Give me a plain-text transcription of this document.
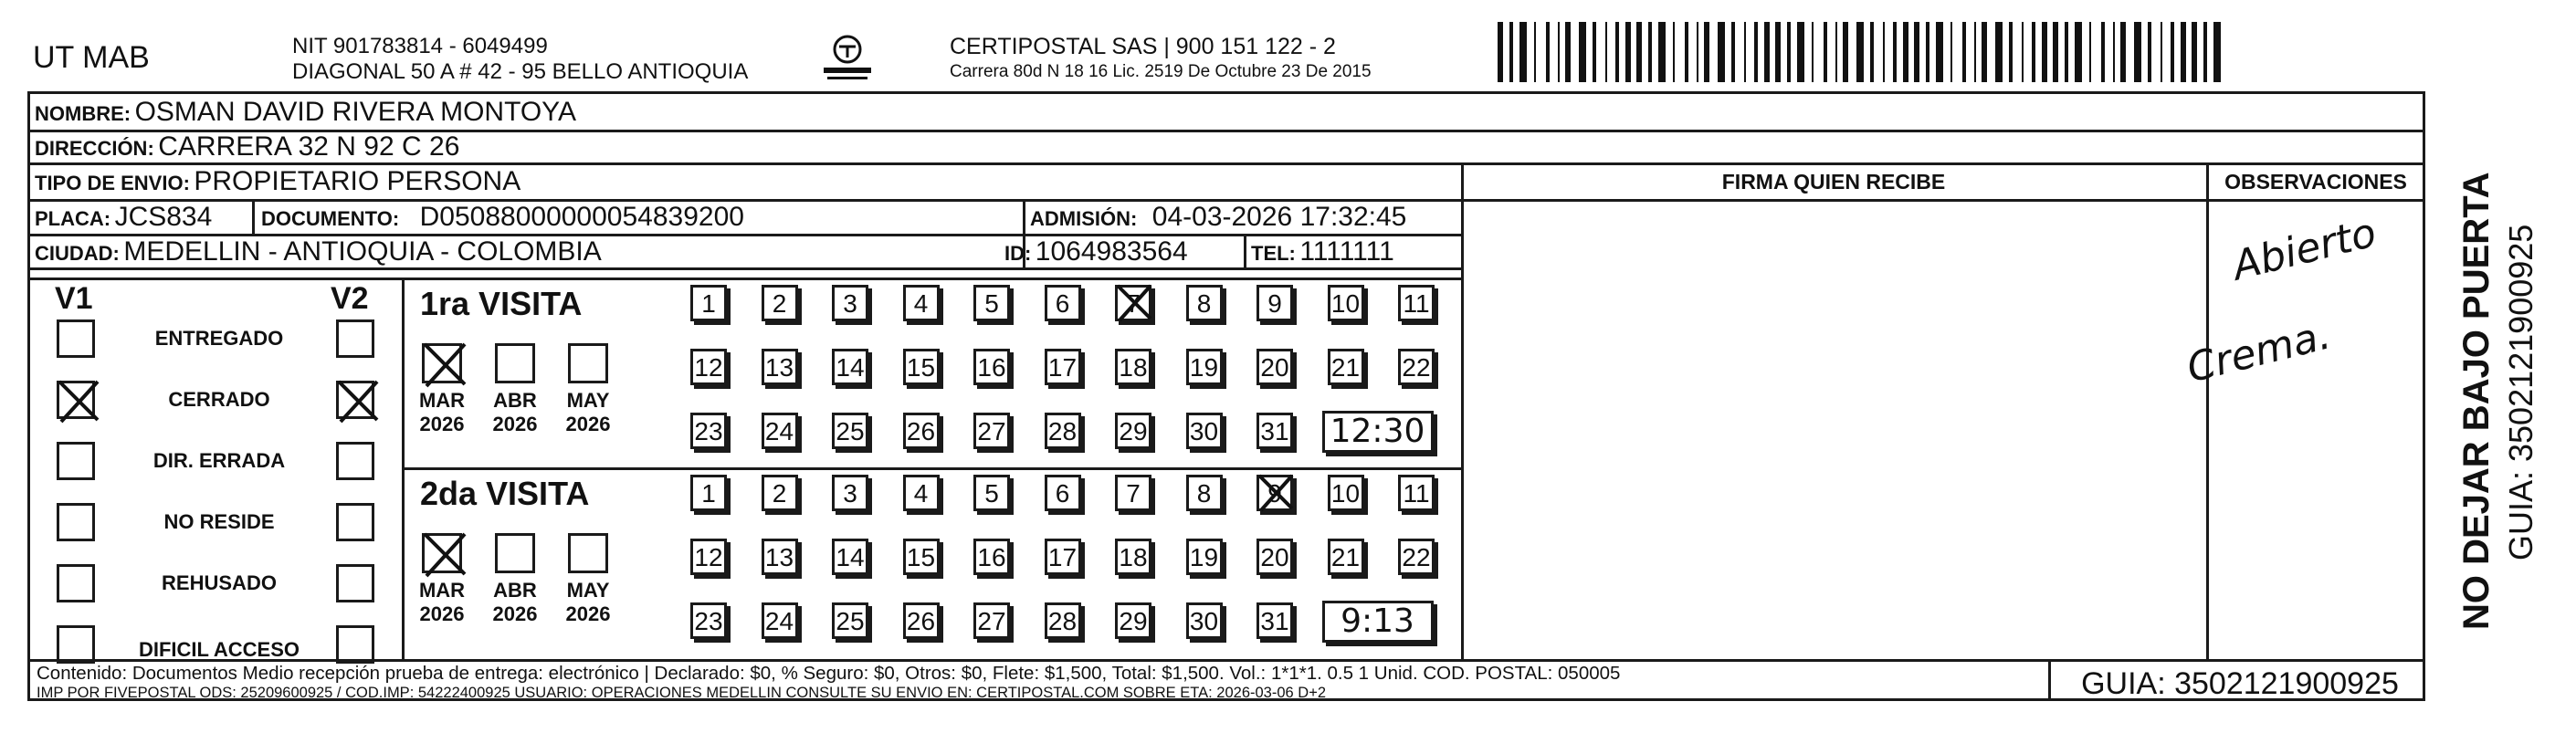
UT MAB	NIT 901783814 - 6049499
DIAGONAL 50 A # 42 - 95 BELLO ANTIOQUIA
CERTIPOSTAL SAS | 900 151 122 - 2
Carrera 80d N 18 16 Lic. 2519 De Octubre 23 De 2015
NOMBRE: OSMAN DAVID RIVERA MONTOYA
DIRECCIÓN: CARRERA 32 N 92 C 26
TIPO DE ENVIO: PROPIETARIO PERSONA
PLACA: JCS834 DOCUMENTO: D05088000000054839200	ADMISIÓN: 04-03-2026 17:32:45
CIUDAD: MEDELLIN - ANTIOQUIA - COLOMBIA	ID: 1064983564	TEL: 1111111
FIRMA QUIEN RECIBE	OBSERVACIONES
Abierto
Crema.
V1	V2
ENTREGADO
CERRADO
DIR. ERRADA
NO RESIDE
REHUSADO
DIFICIL ACCESO
1ra VISITA
2da VISITA
MAR
2026
ABR
2026
MAY
2026
1	2	3	4	5	6	7	8	9	10 11
12 13 14 15 16 17 18 19 20 21 22
23 24 25 26 27 28 29 30 31 12:30
MAR
2026
ABR
2026
MAY
2026
1	2	3	4	5	6	7	8	9	10 11
12 13 14 15 16 17 18 19 20 21 22
23 24 25 26 27 28 29 30 31	9:13
Contenido: Documentos Medio recepción prueba de entrega: electrónico | Declarado: $0, % Seguro: $0, Otros: $0, Flete: $1,500, Total: $1,500. Vol.: 1*1*1. 0.5 1 Unid. COD. POSTAL: 050005
IMP POR FIVEPOSTAL ODS: 25209600925 / COD.IMP: 54222400925 USUARIO: OPERACIONES MEDELLIN CONSULTE SU ENVIO EN: CERTIPOSTAL.COM SOBRE ETA: 2026-03-06 D+2	GUIA: 3502121900925
NO DEJAR BAJO PUERTA GUIA: 3502121900925
